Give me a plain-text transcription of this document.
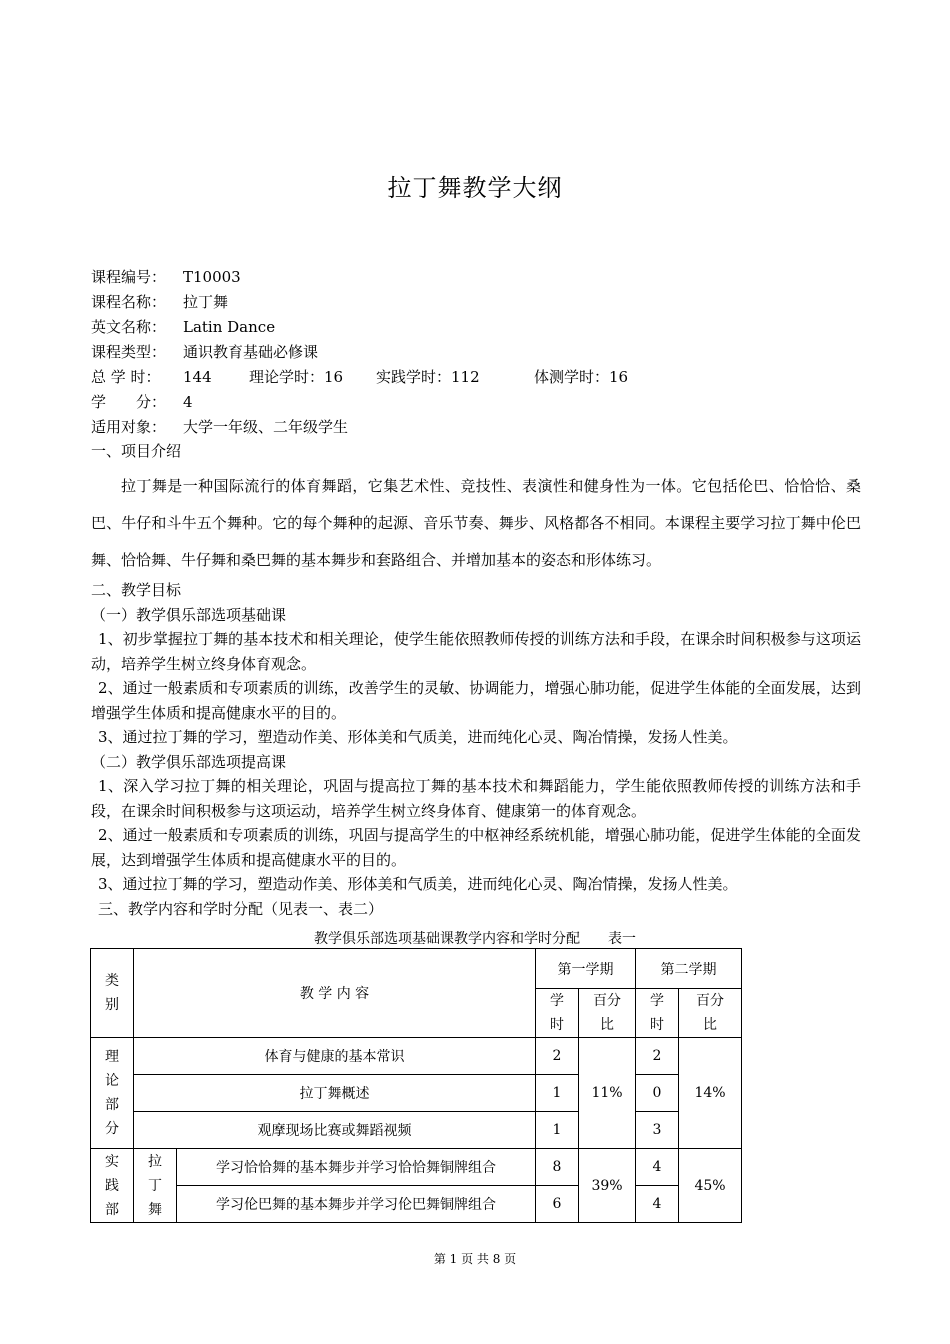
拉丁舞教学大纲
课程编号： T10003
课程名称： 拉丁舞
英文名称： Latin Dance
课程类型： 通识教育基础必修课
总 学 时： 144 理论学时：16 实践学时：112	体测学时：16
学　　分： 4
适用对象： 大学一年级、二年级学生
一、项目介绍
拉丁舞是一种国际流行的体育舞蹈，它集艺术性、竞技性、表演性和健身性为一体。它包括伦巴、恰恰恰、桑巴、牛仔和斗牛五个舞种。它的每个舞种的起源、音乐节奏、舞步、风格都各不相同。本课程主要学习拉丁舞中伦巴舞、恰恰舞、牛仔舞和桑巴舞的基本舞步和套路组合、并增加基本的姿态和形体练习。
二、教学目标
（一）教学俱乐部选项基础课
1、初步掌握拉丁舞的基本技术和相关理论，使学生能依照教师传授的训练方法和手段，在课余时间积极参与这项运动，培养学生树立终身体育观念。
2、通过一般素质和专项素质的训练，改善学生的灵敏、协调能力，增强心肺功能，促进学生体能的全面发展，达到增强学生体质和提高健康水平的目的。
3、通过拉丁舞的学习，塑造动作美、形体美和气质美，进而纯化心灵、陶冶情操，发扬人性美。
（二）教学俱乐部选项提高课
1、深入学习拉丁舞的相关理论，巩固与提高拉丁舞的基本技术和舞蹈能力，学生能依照教师传授的训练方法和手段，在课余时间积极参与这项运动，培养学生树立终身体育、健康第一的体育观念。
2、通过一般素质和专项素质的训练，巩固与提高学生的中枢神经系统机能，增强心肺功能，促进学生体能的全面发展，达到增强学生体质和提高健康水平的目的。
3、通过拉丁舞的学习，塑造动作美、形体美和气质美，进而纯化心灵、陶冶情操，发扬人性美。
三、教学内容和学时分配（见表一、表二）
教学俱乐部选项基础课教学内容和学时分配　　表一
类别	教 学 内 容		第一学期		第二学期	
			学时	百分比	学时	百分比
理论部分	体育与健康的基本常识		2	11%	2	14%
	拉丁舞概述		1		0	
	观摩现场比赛或舞蹈视频		1		3	
实践部	拉丁舞	学习恰恰舞的基本舞步并学习恰恰舞铜牌组合	8	39%	4	45%
		学习伦巴舞的基本舞步并学习伦巴舞铜牌组合	6		4	
第 1 页 共 8 页
